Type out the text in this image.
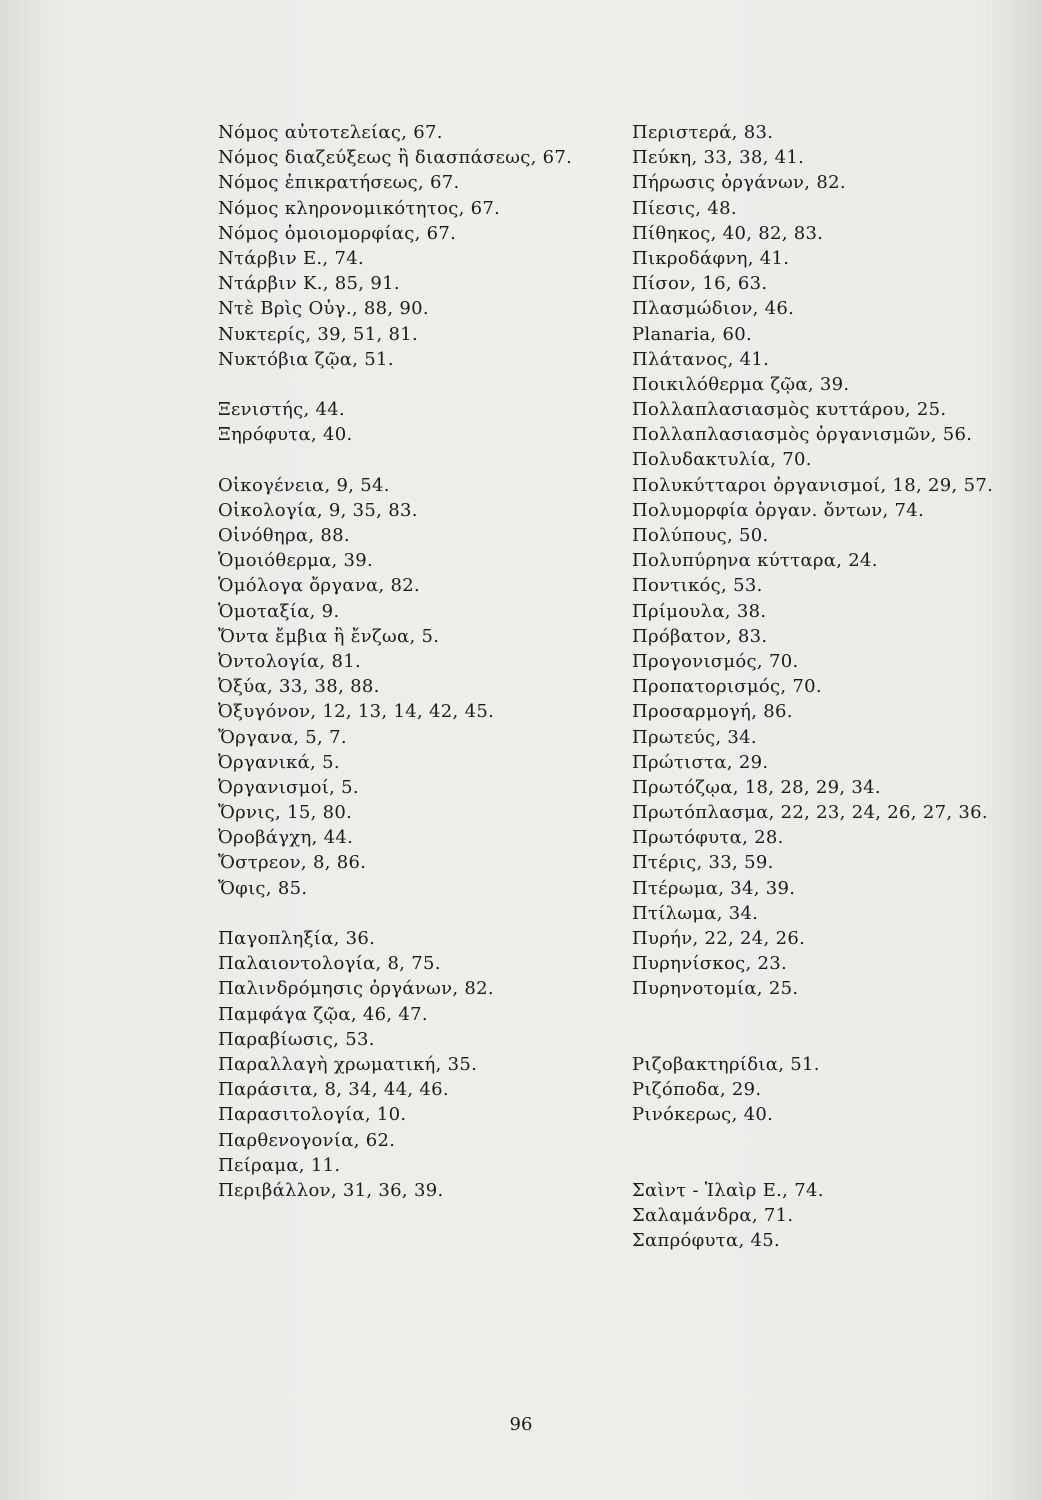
Νόμος αὐτοτελείας, 67.
Νόμος διαζεύξεως ἢ διασπάσεως, 67.
Νόμος ἐπικρατήσεως, 67.
Νόμος κληρονομικότητος, 67.
Νόμος ὁμοιομορφίας, 67.
Ντάρβιν Ε., 74.
Ντάρβιν Κ., 85, 91.
Ντὲ Βρὶς Οὐγ., 88, 90.
Νυκτερίς, 39, 51, 81.
Νυκτόβια ζῷα, 51.
Ξενιστής, 44.
Ξηρόφυτα, 40.
Οἰκογένεια, 9, 54.
Οἰκολογία, 9, 35, 83.
Οἰνόθηρα, 88.
Ὁμοιόθερμα, 39.
Ὁμόλογα ὄργανα, 82.
Ὁμοταξία, 9.
Ὄντα ἔμβια ἢ ἔνζωα, 5.
Ὀντολογία, 81.
Ὀξύα, 33, 38, 88.
Ὀξυγόνον, 12, 13, 14, 42, 45.
Ὄργανα, 5, 7.
Ὀργανικά, 5.
Ὀργανισμοί, 5.
Ὄρνις, 15, 80.
Ὀροβάγχη, 44.
Ὄστρεον, 8, 86.
Ὄφις, 85.
Παγοπληξία, 36.
Παλαιοντολογία, 8, 75.
Παλινδρόμησις ὀργάνων, 82.
Παμφάγα ζῷα, 46, 47.
Παραβίωσις, 53.
Παραλλαγὴ χρωματική, 35.
Παράσιτα, 8, 34, 44, 46.
Παρασιτολογία, 10.
Παρθενογονία, 62.
Πείραμα, 11.
Περιβάλλον, 31, 36, 39.
Περιστερά, 83.
Πεύκη, 33, 38, 41.
Πήρωσις ὀργάνων, 82.
Πίεσις, 48.
Πίθηκος, 40, 82, 83.
Πικροδάφνη, 41.
Πίσον, 16, 63.
Πλασμώδιον, 46.
Planaria, 60.
Πλάτανος, 41.
Ποικιλόθερμα ζῷα, 39.
Πολλαπλασιασμὸς κυττάρου, 25.
Πολλαπλασιασμὸς ὀργανισμῶν, 56.
Πολυδακτυλία, 70.
Πολυκύτταροι ὀργανισμοί, 18, 29, 57.
Πολυμορφία ὀργαν. ὄντων, 74.
Πολύπους, 50.
Πολυπύρηνα κύτταρα, 24.
Ποντικός, 53.
Πρίμουλα, 38.
Πρόβατον, 83.
Προγονισμός, 70.
Προπατορισμός, 70.
Προσαρμογή, 86.
Πρωτεύς, 34.
Πρώτιστα, 29.
Πρωτόζῳα, 18, 28, 29, 34.
Πρωτόπλασμα, 22, 23, 24, 26, 27, 36.
Πρωτόφυτα, 28.
Πτέρις, 33, 59.
Πτέρωμα, 34, 39.
Πτίλωμα, 34.
Πυρήν, 22, 24, 26.
Πυρηνίσκος, 23.
Πυρηνοτομία, 25.
Ριζοβακτηρίδια, 51.
Ριζόποδα, 29.
Ρινόκερως, 40.
Σαὶντ - Ἱλαὶρ Ε., 74.
Σαλαμάνδρα, 71.
Σαπρόφυτα, 45.
96
